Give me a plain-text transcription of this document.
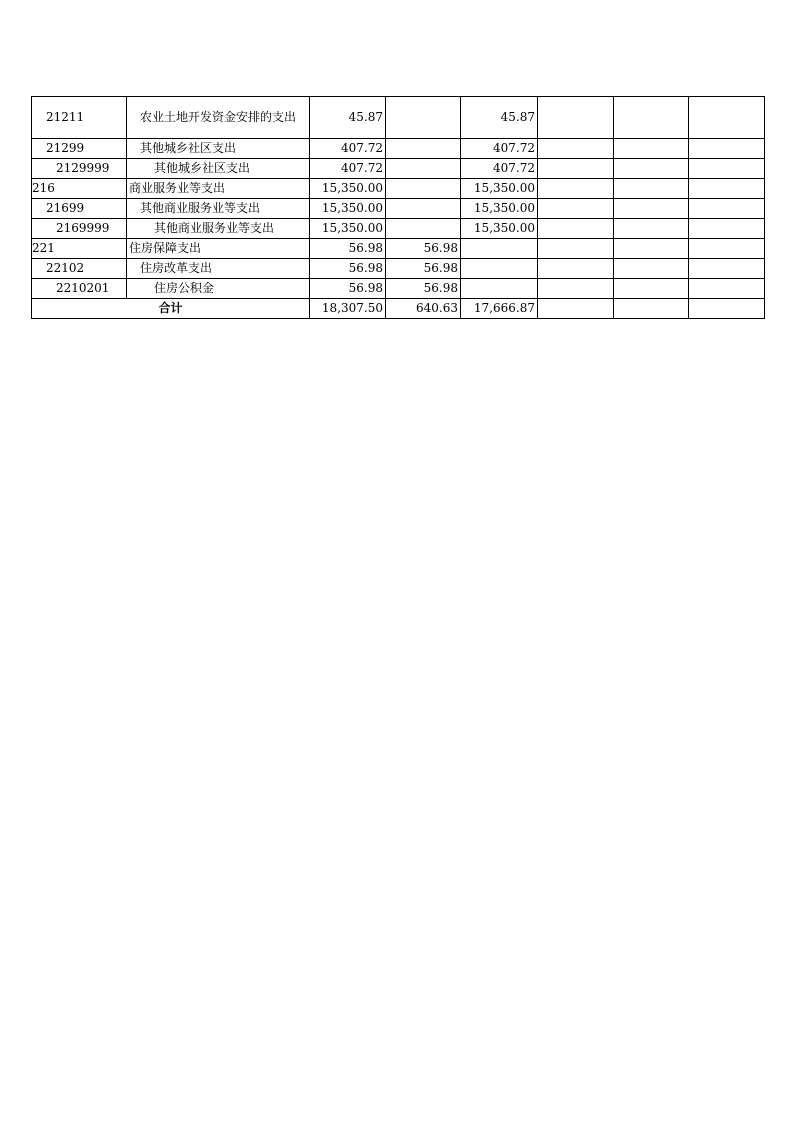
21211	农业土地开发资金安排的支出	45.87		45.87			
21299	其他城乡社区支出	407.72		407.72			
2129999	其他城乡社区支出	407.72		407.72			
216	商业服务业等支出	15,350.00		15,350.00			
21699	其他商业服务业等支出	15,350.00		15,350.00			
2169999	其他商业服务业等支出	15,350.00		15,350.00			
221	住房保障支出	56.98	56.98				
22102	住房改革支出	56.98	56.98				
2210201	住房公积金	56.98	56.98				
合计		18,307.50	640.63	17,666.87			
